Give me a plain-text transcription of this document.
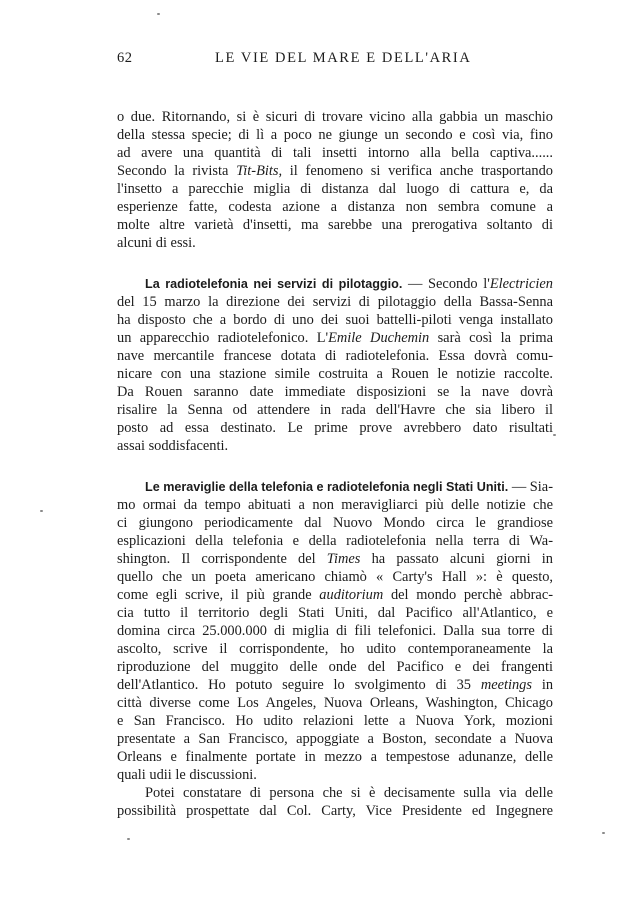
62	LE VIE DEL MARE E DELL'ARIA
o due. Ritornando, si è sicuri di trovare vicino alla gabbia un maschio
della stessa specie; di lì a poco ne giunge un secondo e così via, fino
ad avere una quantità di tali insetti intorno alla bella captiva......
Secondo la rivista Tit-Bits, il fenomeno si verifica anche trasportando
l'insetto a parecchie miglia di distanza dal luogo di cattura e, da
esperienze fatte, codesta azione a distanza non sembra comune a
molte altre varietà d'insetti, ma sarebbe una prerogativa soltanto di
alcuni di essi.
La radiotelefonia nei servizi di pilotaggio. — Secondo l'Electricien
del 15 marzo la direzione dei servizi di pilotaggio della Bassa-Senna
ha disposto che a bordo di uno dei suoi battelli-piloti venga installato
un apparecchio radiotelefonico. L'Emile Duchemin sarà così la prima
nave mercantile francese dotata di radiotelefonia. Essa dovrà comu-
nicare con una stazione simile costruita a Rouen le notizie raccolte.
Da Rouen saranno date immediate disposizioni se la nave dovrà
risalire la Senna od attendere in rada dell'Havre che sia libero il
posto ad essa destinato. Le prime prove avrebbero dato risultati
assai soddisfacenti.
Le meraviglie della telefonia e radiotelefonia negli Stati Uniti. — Sia-
mo ormai da tempo abituati a non meravigliarci più delle notizie che
ci giungono periodicamente dal Nuovo Mondo circa le grandiose
esplicazioni della telefonia e della radiotelefonia nella terra di Wa-
shington. Il corrispondente del Times ha passato alcuni giorni in
quello che un poeta americano chiamò « Carty's Hall »: è questo,
come egli scrive, il più grande auditorium del mondo perchè abbrac-
cia tutto il territorio degli Stati Uniti, dal Pacifico all'Atlantico, e
domina circa 25.000.000 di miglia di fili telefonici. Dalla sua torre di
ascolto, scrive il corrispondente, ho udito contemporaneamente la
riproduzione del muggito delle onde del Pacifico e dei frangenti
dell'Atlantico. Ho potuto seguire lo svolgimento di 35 meetings in
città diverse come Los Angeles, Nuova Orleans, Washington, Chicago
e San Francisco. Ho udito relazioni lette a Nuova York, mozioni
presentate a San Francisco, appoggiate a Boston, secondate a Nuova
Orleans e finalmente portate in mezzo a tempestose adunanze, delle
quali udii le discussioni.
Potei constatare di persona che si è decisamente sulla via delle
possibilità prospettate dal Col. Carty, Vice Presidente ed Ingegnere
